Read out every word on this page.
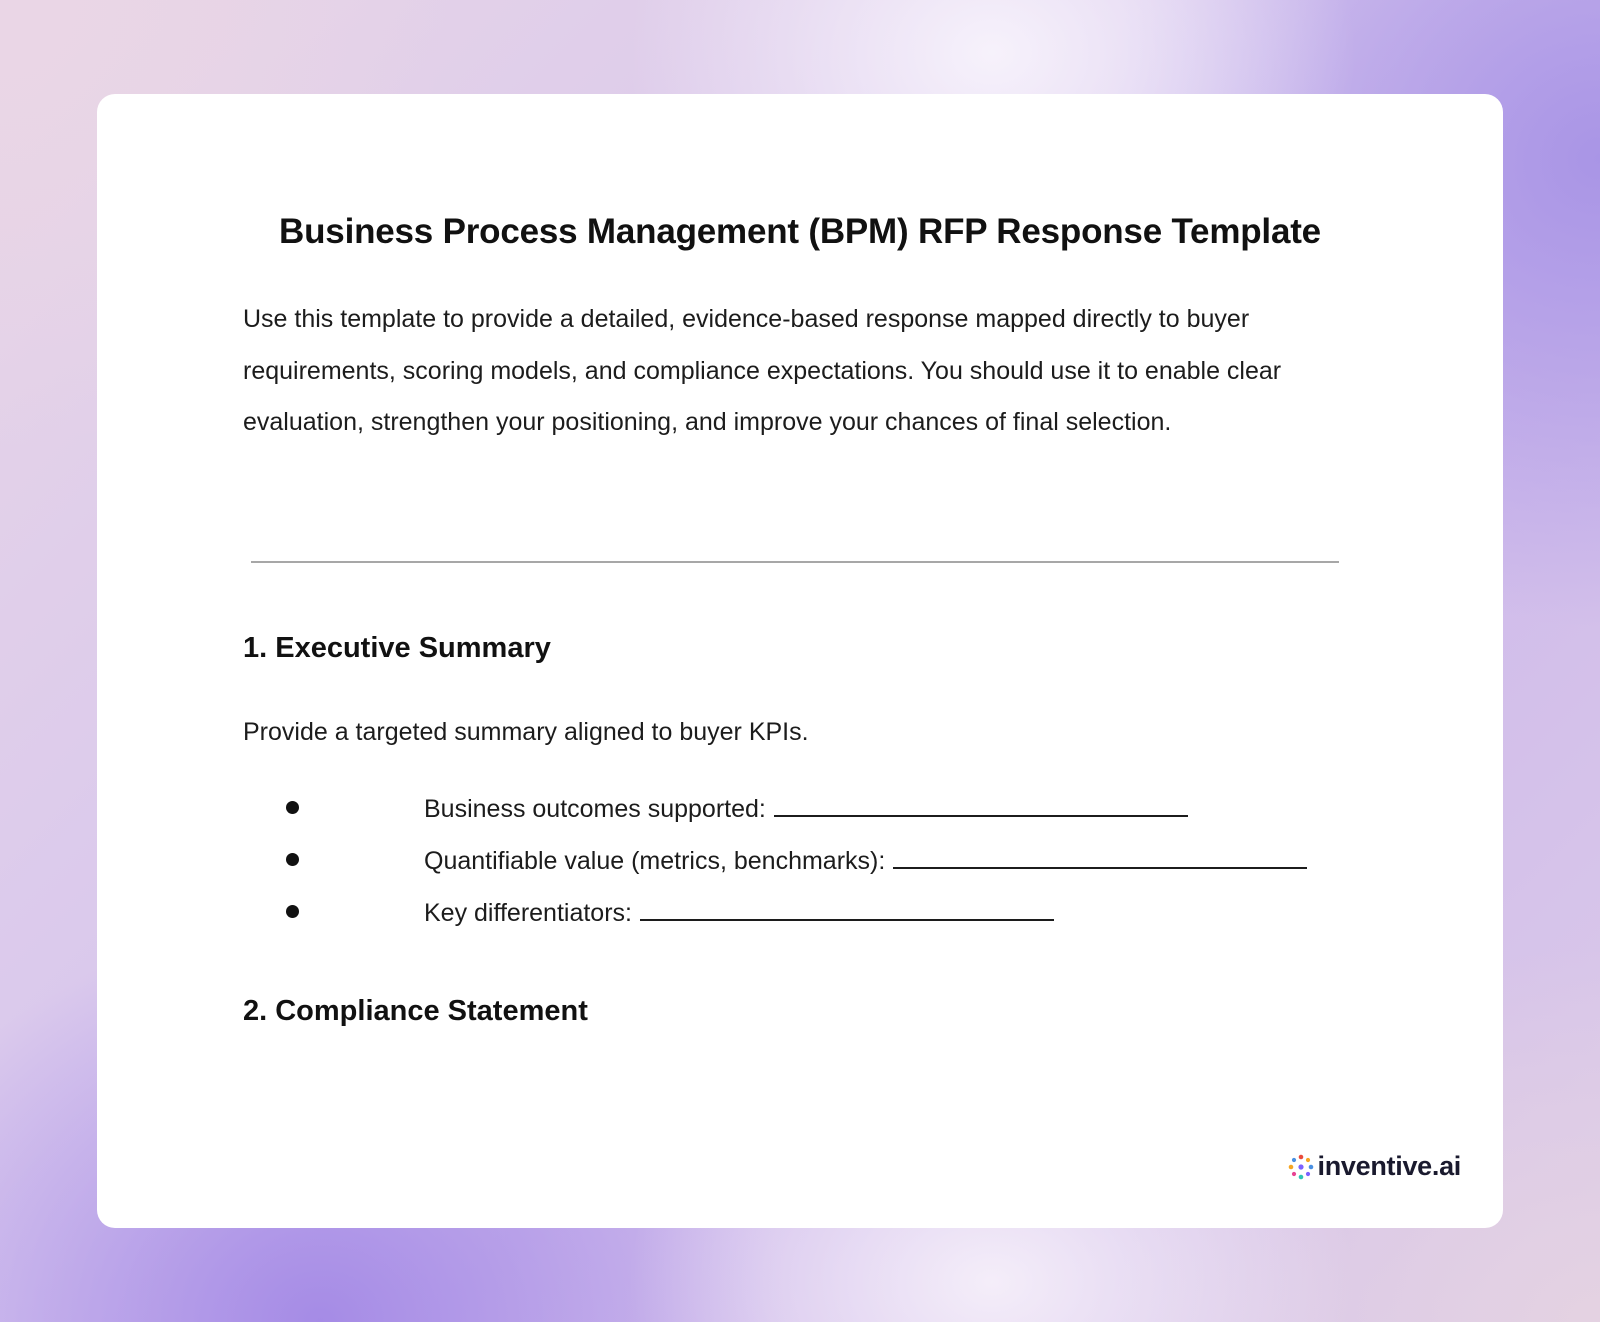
Business Process Management (BPM) RFP Response Template

Use this template to provide a detailed, evidence-based response mapped directly to buyer requirements, scoring models, and compliance expectations. You should use it to enable clear evaluation, strengthen your positioning, and improve your chances of final selection.

1. Executive Summary

Provide a targeted summary aligned to buyer KPIs.

Business outcomes supported:
Quantifiable value (metrics, benchmarks):
Key differentiators:
2. Compliance Statement
inventive.ai
